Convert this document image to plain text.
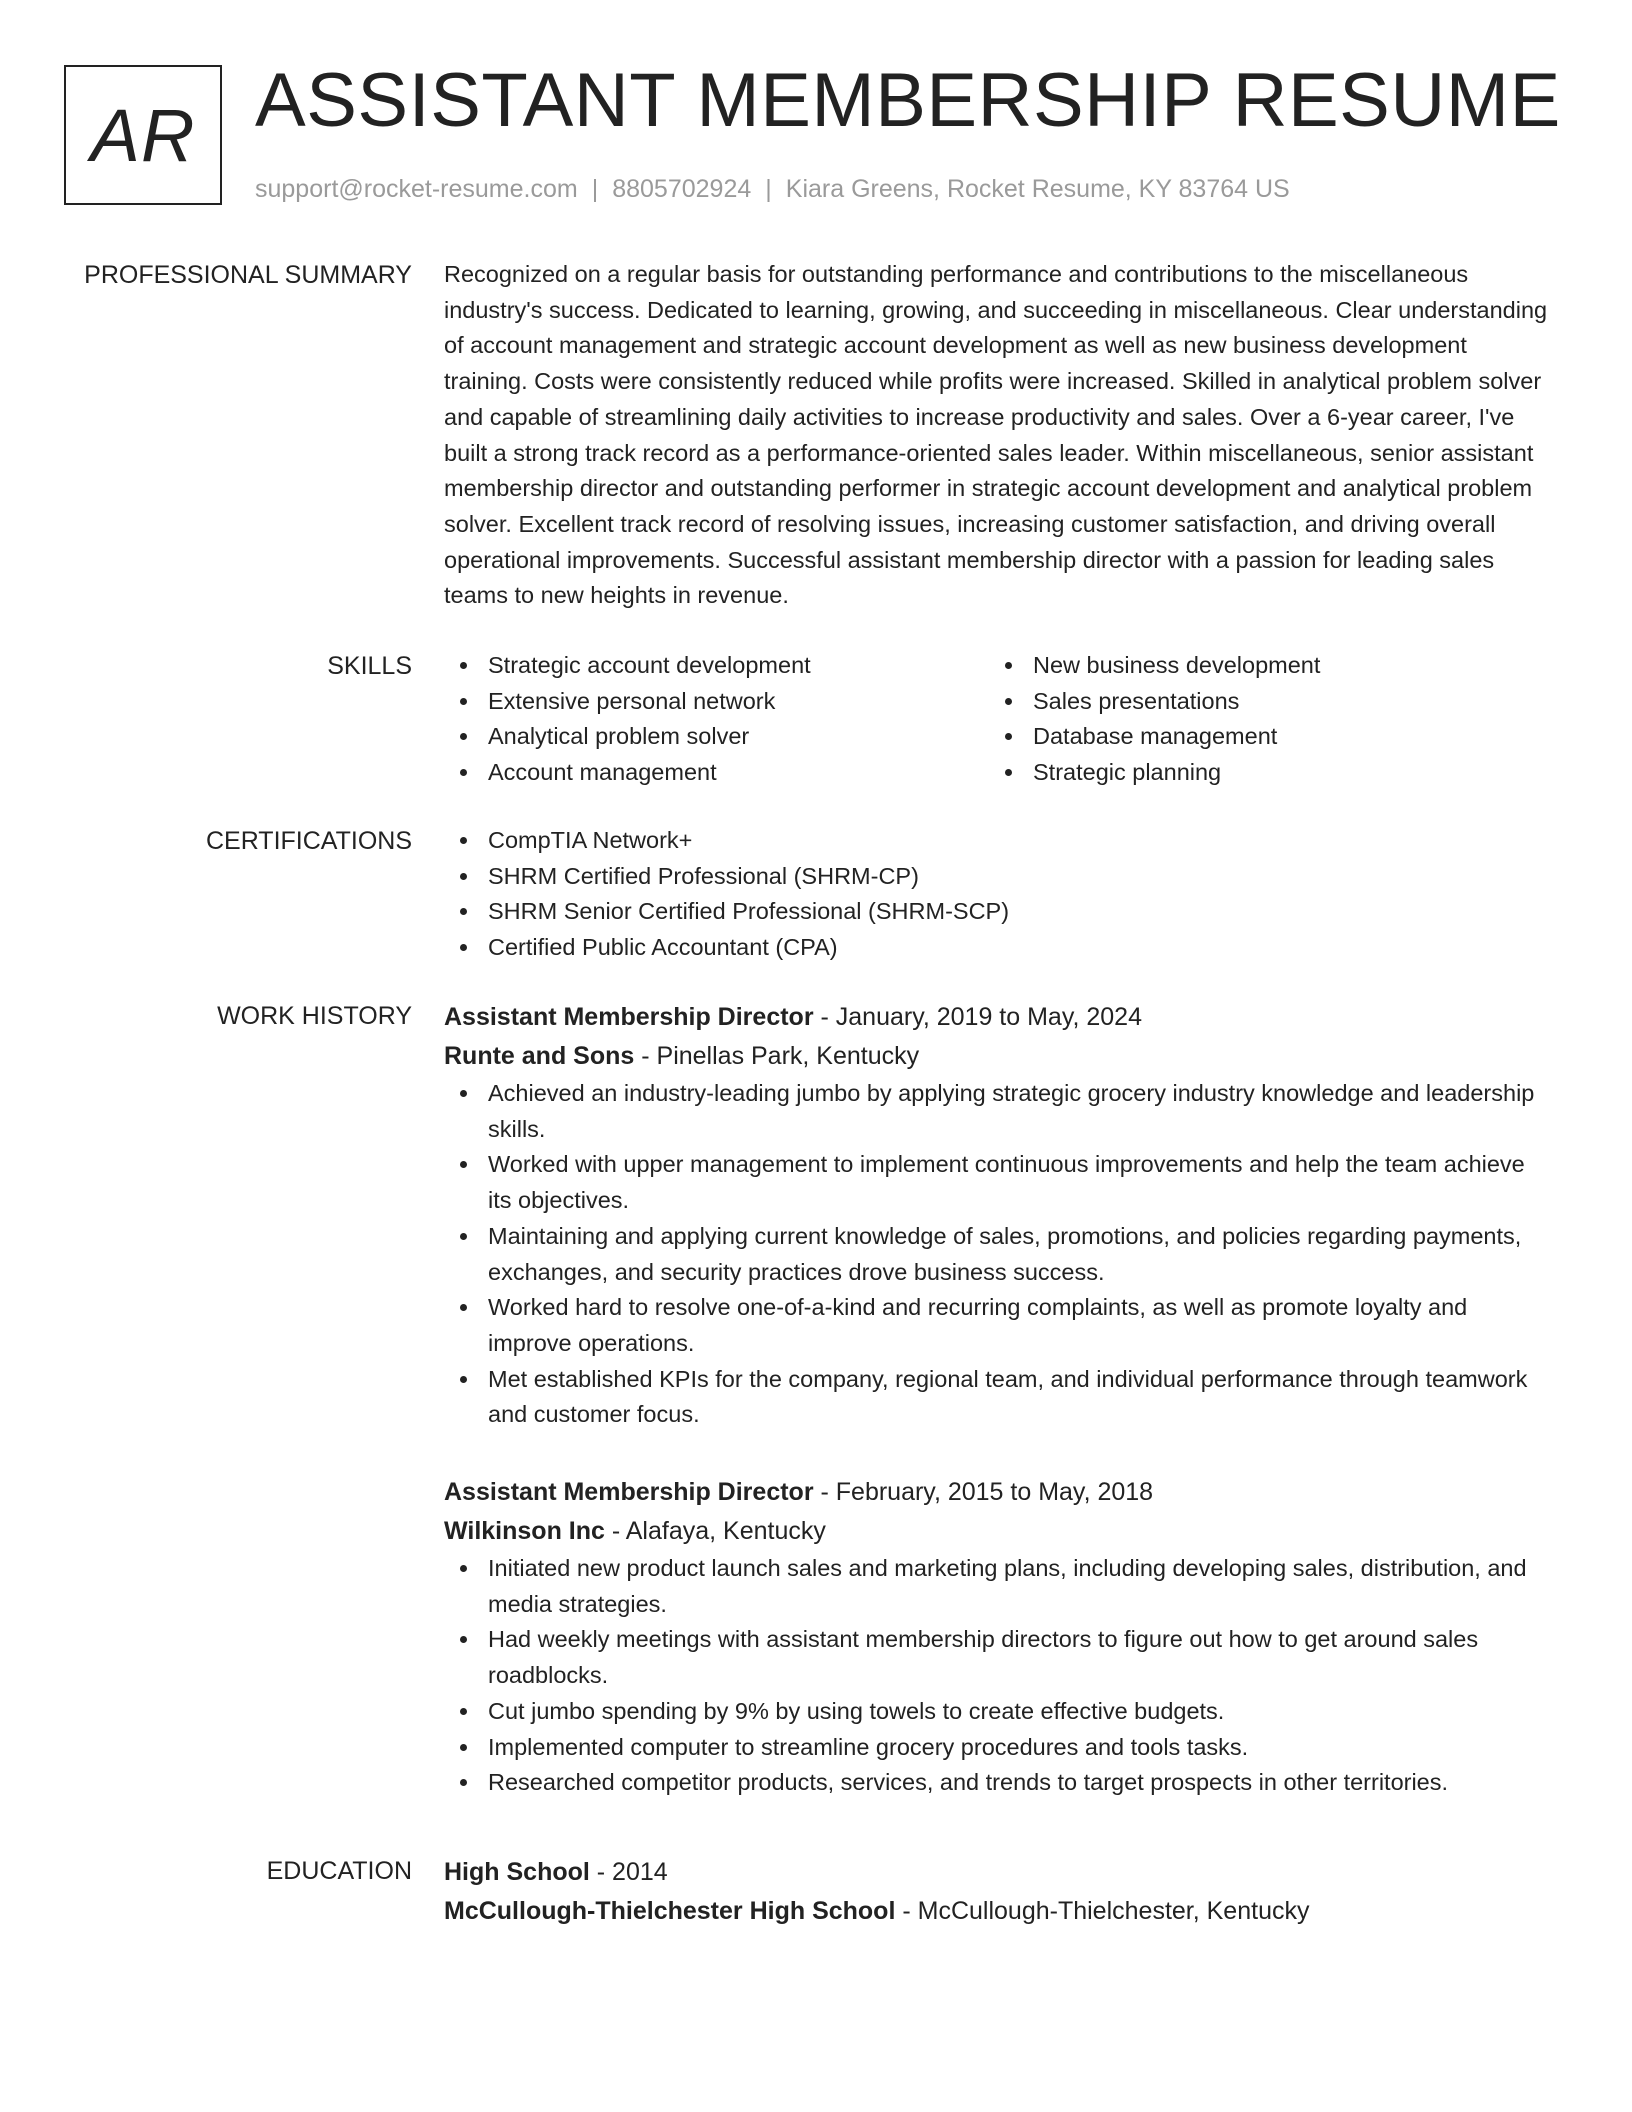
AR ASSISTANT MEMBERSHIP RESUME
support@rocket-resume.com | 8805702924 | Kiara Greens, Rocket Resume, KY 83764 US
PROFESSIONAL SUMMARY Recognized on a regular basis for outstanding performance and contributions to the miscellaneous industry's success. Dedicated to learning, growing, and succeeding in miscellaneous. Clear understanding of account management and strategic account development as well as new business development training. Costs were consistently reduced while profits were increased. Skilled in analytical problem solver and capable of streamlining daily activities to increase productivity and sales. Over a 6-year career, I've built a strong track record as a performance-oriented sales leader. Within miscellaneous, senior assistant membership director and outstanding performer in strategic account development and analytical problem solver. Excellent track record of resolving issues, increasing customer satisfaction, and driving overall operational improvements. Successful assistant membership director with a passion for leading sales teams to new heights in revenue.

SKILLS	Strategic account development
Extensive personal network
Analytical problem solver
Account management
New business development
Sales presentations
Database management
Strategic planning
CERTIFICATIONS	CompTIA Network+
SHRM Certified Professional (SHRM-CP)
SHRM Senior Certified Professional (SHRM-SCP)
Certified Public Accountant (CPA)
WORK HISTORY Assistant Membership Director - January, 2019 to May, 2024
Runte and Sons - Pinellas Park, Kentucky
Achieved an industry-leading jumbo by applying strategic grocery industry knowledge and leadership skills.
Worked with upper management to implement continuous improvements and help the team achieve its objectives.
Maintaining and applying current knowledge of sales, promotions, and policies regarding payments, exchanges, and security practices drove business success.
Worked hard to resolve one-of-a-kind and recurring complaints, as well as promote loyalty and improve operations.
Met established KPIs for the company, regional team, and individual performance through teamwork and customer focus.
Assistant Membership Director - February, 2015 to May, 2018
Wilkinson Inc - Alafaya, Kentucky
Initiated new product launch sales and marketing plans, including developing sales, distribution, and media strategies.
Had weekly meetings with assistant membership directors to figure out how to get around sales roadblocks.
Cut jumbo spending by 9% by using towels to create effective budgets.
Implemented computer to streamline grocery procedures and tools tasks.
Researched competitor products, services, and trends to target prospects in other territories.
EDUCATION High School - 2014
McCullough-Thielchester High School - McCullough-Thielchester, Kentucky
